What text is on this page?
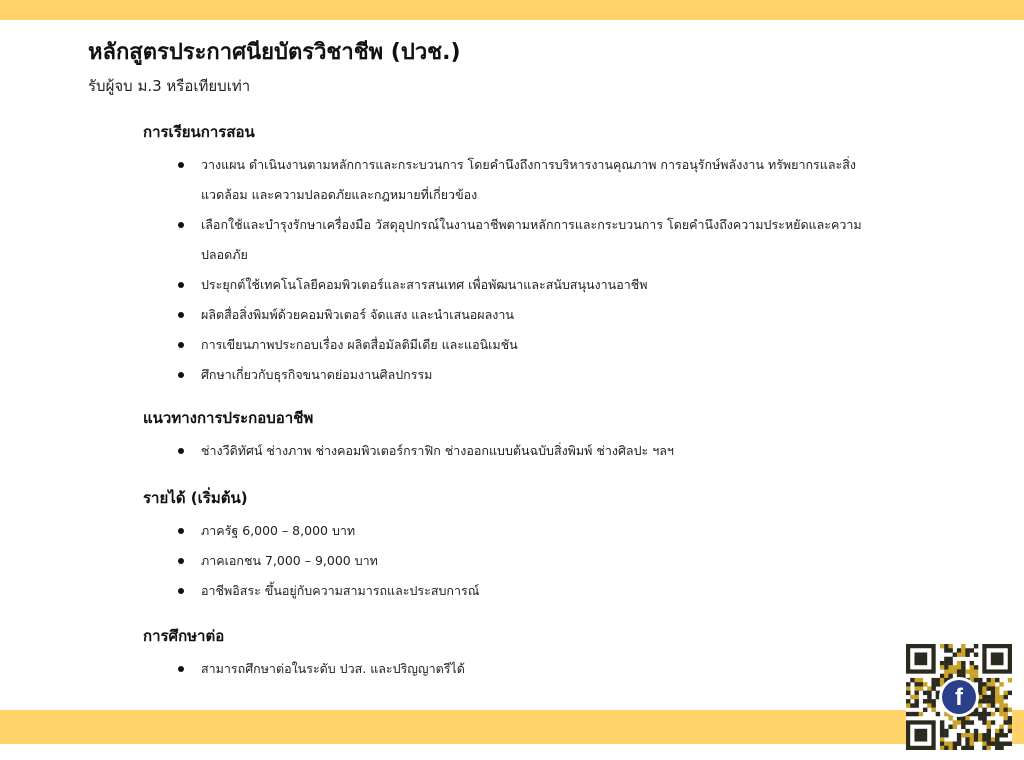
หลักสูตรประกาศนียบัตรวิชาชีพ (ปวช.)
รับผู้จบ ม.3 หรือเทียบเท่า
การเรียนการสอน
วางแผน ดำเนินงานตามหลักการและกระบวนการ โดยคำนึงถึงการบริหารงานคุณภาพ การอนุรักษ์พลังงาน ทรัพยากรและสิ่งแวดล้อม และความปลอดภัยและกฎหมายที่เกี่ยวข้อง
เลือกใช้และบำรุงรักษาเครื่องมือ วัสดุอุปกรณ์ในงานอาชีพตามหลักการและกระบวนการ โดยคำนึงถึงความประหยัดและความปลอดภัย
ประยุกต์ใช้เทคโนโลยีคอมพิวเตอร์และสารสนเทศ เพื่อพัฒนาและสนับสนุนงานอาชีพ
ผลิตสื่อสิ่งพิมพ์ด้วยคอมพิวเตอร์ จัดแสง และนำเสนอผลงาน
การเขียนภาพประกอบเรื่อง ผลิตสื่อมัลติมีเดีย และแอนิเมชัน
ศึกษาเกี่ยวกับธุรกิจขนาดย่อมงานศิลปกรรม
แนวทางการประกอบอาชีพ
ช่างวีดิทัศน์ ช่างภาพ ช่างคอมพิวเตอร์กราฟิก ช่างออกแบบต้นฉบับสิ่งพิมพ์ ช่างศิลปะ ฯลฯ
รายได้ (เริ่มต้น)
ภาครัฐ 6,000 – 8,000 บาท
ภาคเอกชน 7,000 – 9,000 บาท
อาชีพอิสระ ขึ้นอยู่กับความสามารถและประสบการณ์
การศึกษาต่อ
สามารถศึกษาต่อในระดับ ปวส. และปริญญาตรีได้
f
